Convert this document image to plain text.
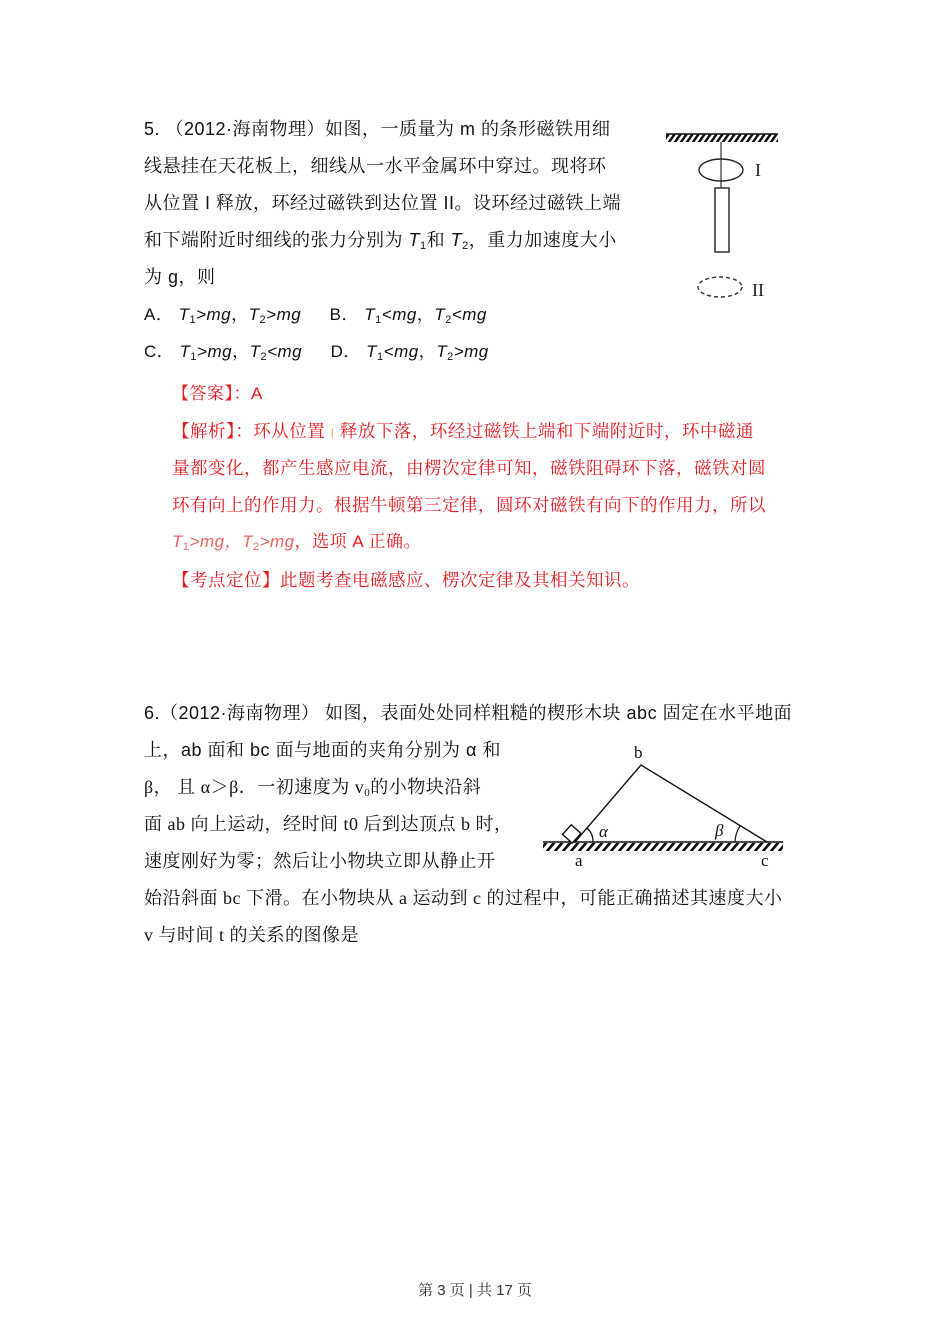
5. （2012·海南物理）如图，一质量为 m 的条形磁铁用细
线悬挂在天花板上，细线从一水平金属环中穿过。现将环
从位置 I 释放，环经过磁铁到达位置 II。设环经过磁铁上端
和下端附近时细线的张力分别为 $T_1$和 $T_2$，重力加速度大小
为 g，则
A． $T_1>mg$，$T_2>mg$ B． $T_1<mg$，$T_2<mg$
C． $T_1>mg$，$T_2<mg$ D． $T_1<mg$，$T_2>mg$
I
II
【答案】：A
【解析】：环从位置 I 释放下落，环经过磁铁上端和下端附近时，环中磁通
量都变化，都产生感应电流，由楞次定律可知，磁铁阻碍环下落，磁铁对圆
环有向上的作用力。根据牛顿第三定律，圆环对磁铁有向下的作用力，所以
$T_1>mg$，$T_2>mg$，选项 A 正确。
【考点定位】此题考查电磁感应、楞次定律及其相关知识。
6.（2012·海南物理） 如图，表面处处同样粗糙的楔形木块 abc 固定在水平地面
上，ab 面和 bc 面与地面的夹角分别为 α 和
β， 且 α＞β．一初速度为 $v_0$的小物块沿斜
面 ab 向上运动，经时间 t0 后到达顶点 b 时，
速度刚好为零；然后让小物块立即从静止开
始沿斜面 bc 下滑。在小物块从 a 运动到 c 的过程中，可能正确描述其速度大小
v 与时间 t 的关系的图像是
a
b
c
α	β
第 3 页 | 共 17 页
